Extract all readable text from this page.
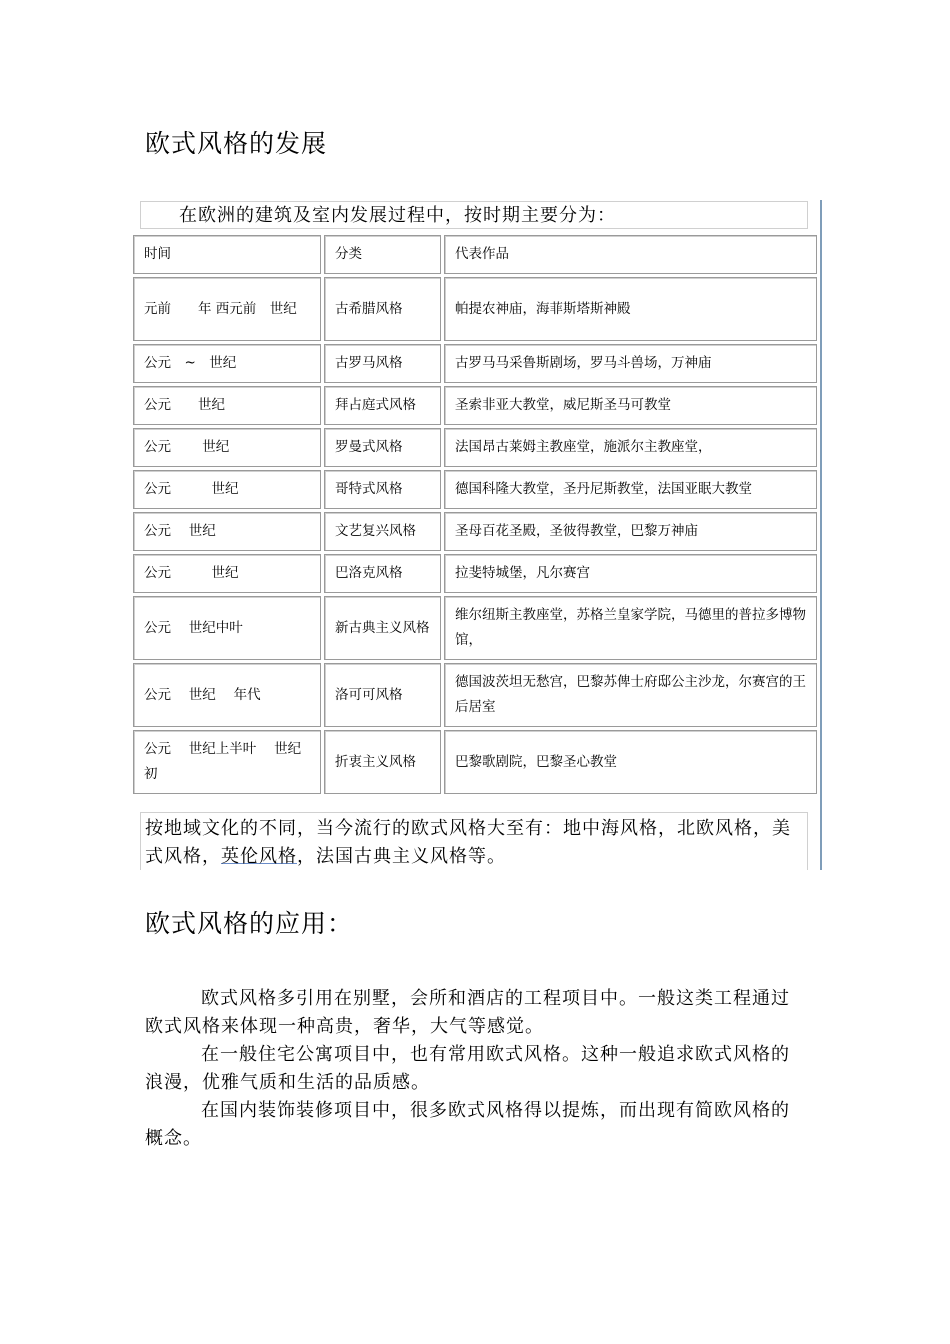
欧式风格的发展
在欧洲的建筑及室内发展过程中，按时期主要分为：
时间	分类	代表作品
元前　　年 西元前　世纪	古希腊风格	帕提农神庙，海菲斯塔斯神殿
公元　~　世纪	古罗马风格	古罗马马采鲁斯剧场，罗马斗兽场，万神庙
公元　　世纪	拜占庭式风格	圣索非亚大教堂，威尼斯圣马可教堂
公元　　 世纪	罗曼式风格	法国昂古莱姆主教座堂，施派尔主教座堂，
公元　　　世纪	哥特式风格	德国科隆大教堂，圣丹尼斯教堂，法国亚眠大教堂
公元　 世纪	文艺复兴风格	圣母百花圣殿，圣彼得教堂，巴黎万神庙
公元　　　世纪	巴洛克风格	拉斐特城堡，凡尔赛宫
公元　 世纪中叶	新古典主义风格	维尔纽斯主教座堂，苏格兰皇家学院，马德里的普拉多博物馆，
公元　 世纪　 年代	洛可可风格	德国波茨坦无愁宫，巴黎苏俾士府邸公主沙龙，尔赛宫的王后居室
公元　 世纪上半叶　 世纪初	折衷主义风格	巴黎歌剧院，巴黎圣心教堂
按地域文化的不同，当今流行的欧式风格大至有：地中海风格，北欧风格，美式风格，英伦风格，法国古典主义风格等。
欧式风格的应用：

欧式风格多引用在别墅，会所和酒店的工程项目中。一般这类工程通过欧式风格来体现一种高贵，奢华，大气等感觉。

在一般住宅公寓项目中，也有常用欧式风格。这种一般追求欧式风格的浪漫，优雅气质和生活的品质感。

在国内装饰装修项目中，很多欧式风格得以提炼，而出现有简欧风格的概念。
